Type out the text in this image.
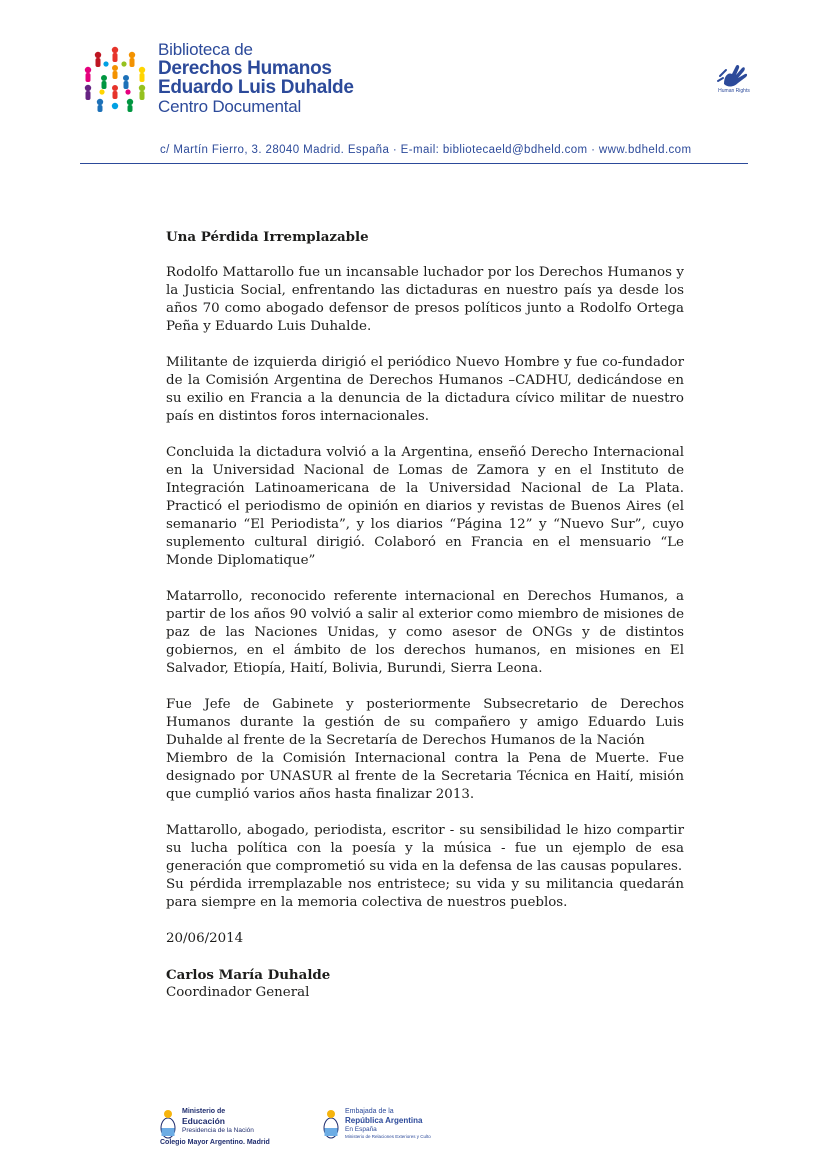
Biblioteca de
Derechos Humanos
Eduardo Luis Duhalde
Centro Documental
Human Rights
c/ Martín Fierro, 3. 28040 Madrid. España · E-mail: bibliotecaeld@bdheld.com · www.bdheld.com

Una Pérdida Irremplazable

Rodolfo Mattarollo fue un incansable luchador por los Derechos Humanos y la Justicia Social, enfrentando las dictaduras en nuestro país ya desde los años 70 como abogado defensor de presos políticos junto a Rodolfo Ortega Peña y Eduardo Luis Duhalde.

Militante de izquierda dirigió el periódico Nuevo Hombre y fue co-fundador de la Comisión Argentina de Derechos Humanos –CADHU, dedicándose en su exilio en Francia a la denuncia de la dictadura cívico militar de nuestro país en distintos foros internacionales.

Concluida la dictadura volvió a la Argentina, enseñó Derecho Internacional en la Universidad Nacional de Lomas de Zamora y en el Instituto de Integración Latinoamericana de la Universidad Nacional de La Plata. Practicó el periodismo de opinión en diarios y revistas de Buenos Aires (el semanario “El Periodista”, y los diarios “Página 12” y “Nuevo Sur”, cuyo suplemento cultural dirigió. Colaboró en Francia en el mensuario “Le Monde Diplomatique”

Matarrollo, reconocido referente internacional en Derechos Humanos, a partir de los años 90 volvió a salir al exterior como miembro de misiones de paz de las Naciones Unidas, y como asesor de ONGs y de distintos gobiernos, en el ámbito de los derechos humanos, en misiones en El Salvador, Etiopía, Haití, Bolivia, Burundi, Sierra Leona.

Fue Jefe de Gabinete y posteriormente Subsecretario de Derechos Humanos durante la gestión de su compañero y amigo Eduardo Luis Duhalde al frente de la Secretaría de Derechos Humanos de la Nación
Miembro de la Comisión Internacional contra la Pena de Muerte. Fue designado por UNASUR al frente de la Secretaria Técnica en Haití, misión que cumplió varios años hasta finalizar 2013.

Mattarollo, abogado, periodista, escritor - su sensibilidad le hizo compartir su lucha política con la poesía y la música - fue un ejemplo de esa generación que comprometió su vida en la defensa de las causas populares.
Su pérdida irremplazable nos entristece; su vida y su militancia quedarán para siempre en la memoria colectiva de nuestros pueblos.

20/06/2014

Carlos María Duhalde

Coordinador General

Ministerio de
Educación
Presidencia de la Nación
Colegio Mayor Argentino. Madrid
Embajada de la
República Argentina
En España
Ministerio de Relaciones Exteriores y Culto
